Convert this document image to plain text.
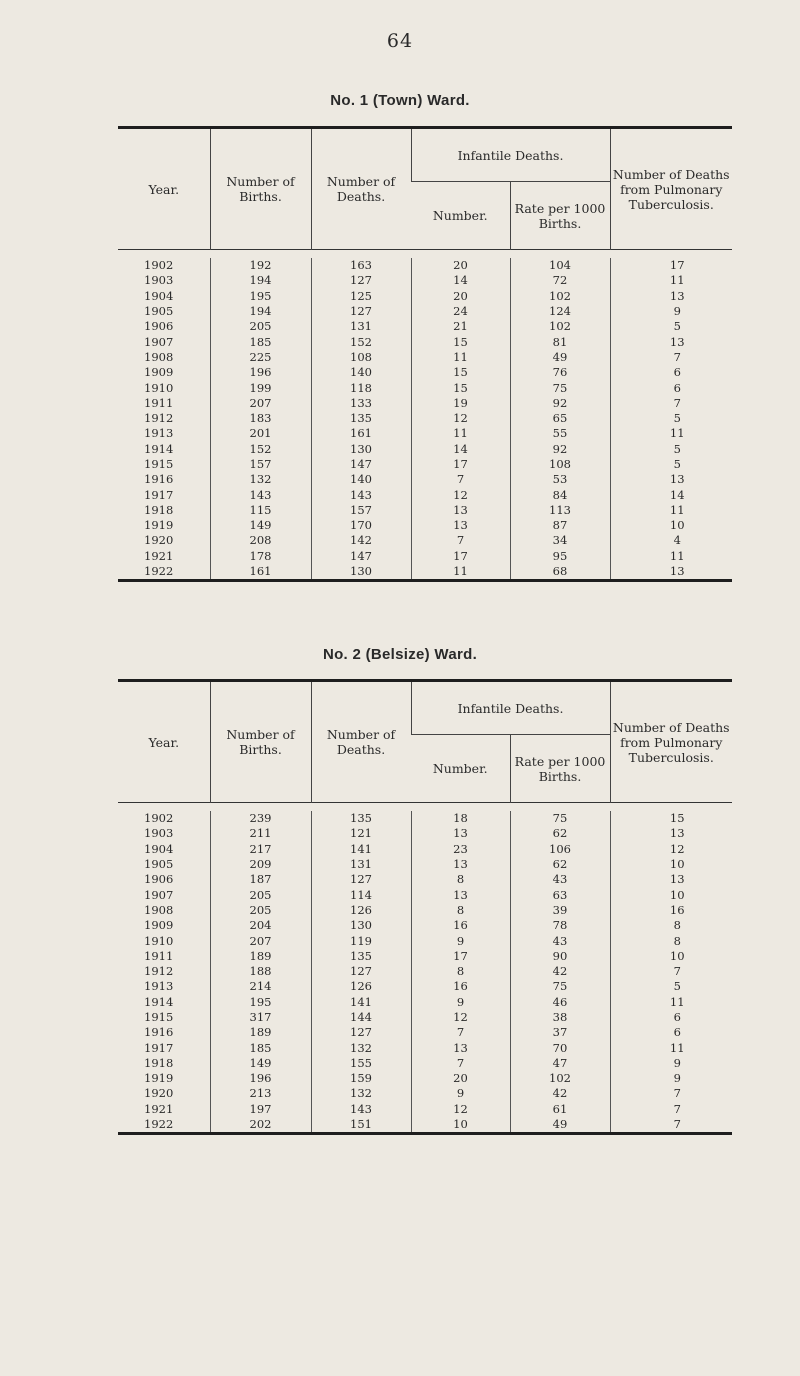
64
No. 1 (Town) Ward.
Year.	Number of Births.	Number of Deaths.	Infantile Deaths.		Number of Deaths from Pulmonary Tuberculosis.
			Number.	Rate per 1000 Births.	

1902	192	163	20	104	17
1903	194	127	14	72	11
1904	195	125	20	102	13
1905	194	127	24	124	9
1906	205	131	21	102	5
1907	185	152	15	81	13
1908	225	108	11	49	7
1909	196	140	15	76	6
1910	199	118	15	75	6
1911	207	133	19	92	7
1912	183	135	12	65	5
1913	201	161	11	55	11
1914	152	130	14	92	5
1915	157	147	17	108	5
1916	132	140	7	53	13
1917	143	143	12	84	14
1918	115	157	13	113	11
1919	149	170	13	87	10
1920	208	142	7	34	4
1921	178	147	17	95	11
1922	161	130	11	68	13

No. 2 (Belsize) Ward.
Year.	Number of Births.	Number of Deaths.	Infantile Deaths.		Number of Deaths from Pulmonary Tuberculosis.
			Number.	Rate per 1000 Births.	

1902	239	135	18	75	15
1903	211	121	13	62	13
1904	217	141	23	106	12
1905	209	131	13	62	10
1906	187	127	8	43	13
1907	205	114	13	63	10
1908	205	126	8	39	16
1909	204	130	16	78	8
1910	207	119	9	43	8
1911	189	135	17	90	10
1912	188	127	8	42	7
1913	214	126	16	75	5
1914	195	141	9	46	11
1915	317	144	12	38	6
1916	189	127	7	37	6
1917	185	132	13	70	11
1918	149	155	7	47	9
1919	196	159	20	102	9
1920	213	132	9	42	7
1921	197	143	12	61	7
1922	202	151	10	49	7
